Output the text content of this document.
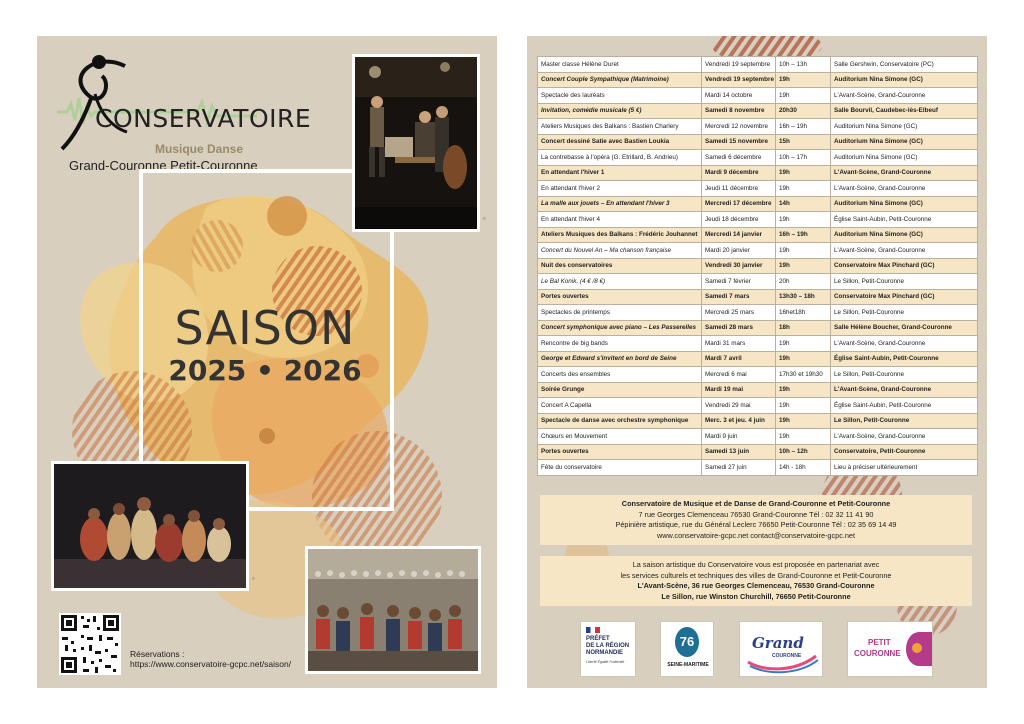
CONSERVATOIRE
Musique Danse
Grand-Couronne Petit-Couronne
SAISON
2025 • 2026
©
©
Réservations :
https://www.conservatoire-gcpc.net/saison/
Master classe Hélène Duret	Vendredi 19 septembre	10h – 13h	Salle Gershwin, Conservatoire (PC)
Concert Couple Sympathique (Matrimoine)	Vendredi 19 septembre	19h	Auditorium Nina Simone (GC)
Spectacle des lauréats	Mardi 14 octobre	19h	L'Avant-Scène, Grand-Couronne
Invitation, comédie musicale (5 €)	Samedi 8 novembre	20h30	Salle Bourvil, Caudebec-lès-Elbeuf
Ateliers Musiques des Balkans : Bastien Charlery	Mercredi 12 novembre	16h – 19h	Auditorium Nina Simone (GC)
Concert dessiné Satie avec Bastien Loukia	Samedi 15 novembre	15h	Auditorium Nina Simone (GC)
La contrebasse à l'opéra (G. Etrillard, B. Andrieu)	Samedi 6 décembre	10h – 17h	Auditorium Nina Simone (GC)
En attendant l'hiver 1	Mardi 9 décembre	19h	L'Avant-Scène, Grand-Couronne
En attendant l'hiver 2	Jeudi 11 décembre	19h	L'Avant-Scène, Grand-Couronne
La malle aux jouets – En attendant l'hiver 3	Mercredi 17 décembre	14h	Auditorium Nina Simone (GC)
En attendant l'hiver 4	Jeudi 18 décembre	19h	Église Saint-Aubin, Petit-Couronne
Ateliers Musiques des Balkans : Frédéric Jouhannet	Mercredi 14 janvier	16h – 19h	Auditorium Nina Simone (GC)
Concert du Nouvel An – Ma chanson française	Mardi 20 janvier	19h	L'Avant-Scène, Grand-Couronne
Nuit des conservatoires	Vendredi 30 janvier	19h	Conservatoire Max Pinchard (GC)
Le Bal Konik, (4 € /8 €)	Samedi 7 février	20h	Le Sillon, Petit-Couronne
Portes ouvertes	Samedi 7 mars	13h30 – 18h	Conservatoire Max Pinchard (GC)
Spectacles de printemps	Mercredi 25 mars	16het18h	Le Sillon, Petit-Couronne
Concert symphonique avec piano – Les Passerelles	Samedi 28 mars	18h	Salle Hélène Boucher, Grand-Couronne
Rencontre de big bands	Mardi 31 mars	19h	L'Avant-Scène, Grand-Couronne
George et Edward s'invitent en bord de Seine	Mardi 7 avril	19h	Église Saint-Aubin, Petit-Couronne
Concerts des ensembles	Mercredi 6 mai	17h30 et 19h30	Le Sillon, Petit-Couronne
Soirée Grunge	Mardi 19 mai	19h	L'Avant-Scène, Grand-Couronne
Concert A Capella	Vendredi 29 mai	19h	Église Saint-Aubin, Petit-Couronne
Spectacle de danse avec orchestre symphonique	Merc. 3 et jeu. 4 juin	19h	Le Sillon, Petit-Couronne
Chœurs en Mouvement	Mardi 9 juin	19h	L'Avant-Scène, Grand-Couronne
Portes ouvertes	Samedi 13 juin	10h – 12h	Conservatoire, Petit-Couronne
Fête du conservatoire	Samedi 27 juin	14h - 18h	Lieu à préciser ultérieurement
Conservatoire de Musique et de Danse de Grand-Couronne et Petit-Couronne
7 rue Georges Clemenceau 76530 Grand-Couronne Tél : 02 32 11 41 90
Pépinière artistique, rue du Général Leclerc 76650 Petit-Couronne Tél : 02 35 69 14 49
www.conservatoire-gcpc.net contact@conservatoire-gcpc.net
La saison artistique du Conservatoire vous est proposée en partenariat avec
les services culturels et techniques des villes de Grand-Couronne et Petit-Couronne
L'Avant-Scène, 36 rue Georges Clemenceau, 76530 Grand-Couronne
Le Sillon, rue Winston Churchill, 76650 Petit-Couronne
PRÉFET
DE LA RÉGION
NORMANDIE
Liberté Égalité Fraternité
76
SEINE-MARITIME
Grand
COURONNE
PETIT
COURONNE
